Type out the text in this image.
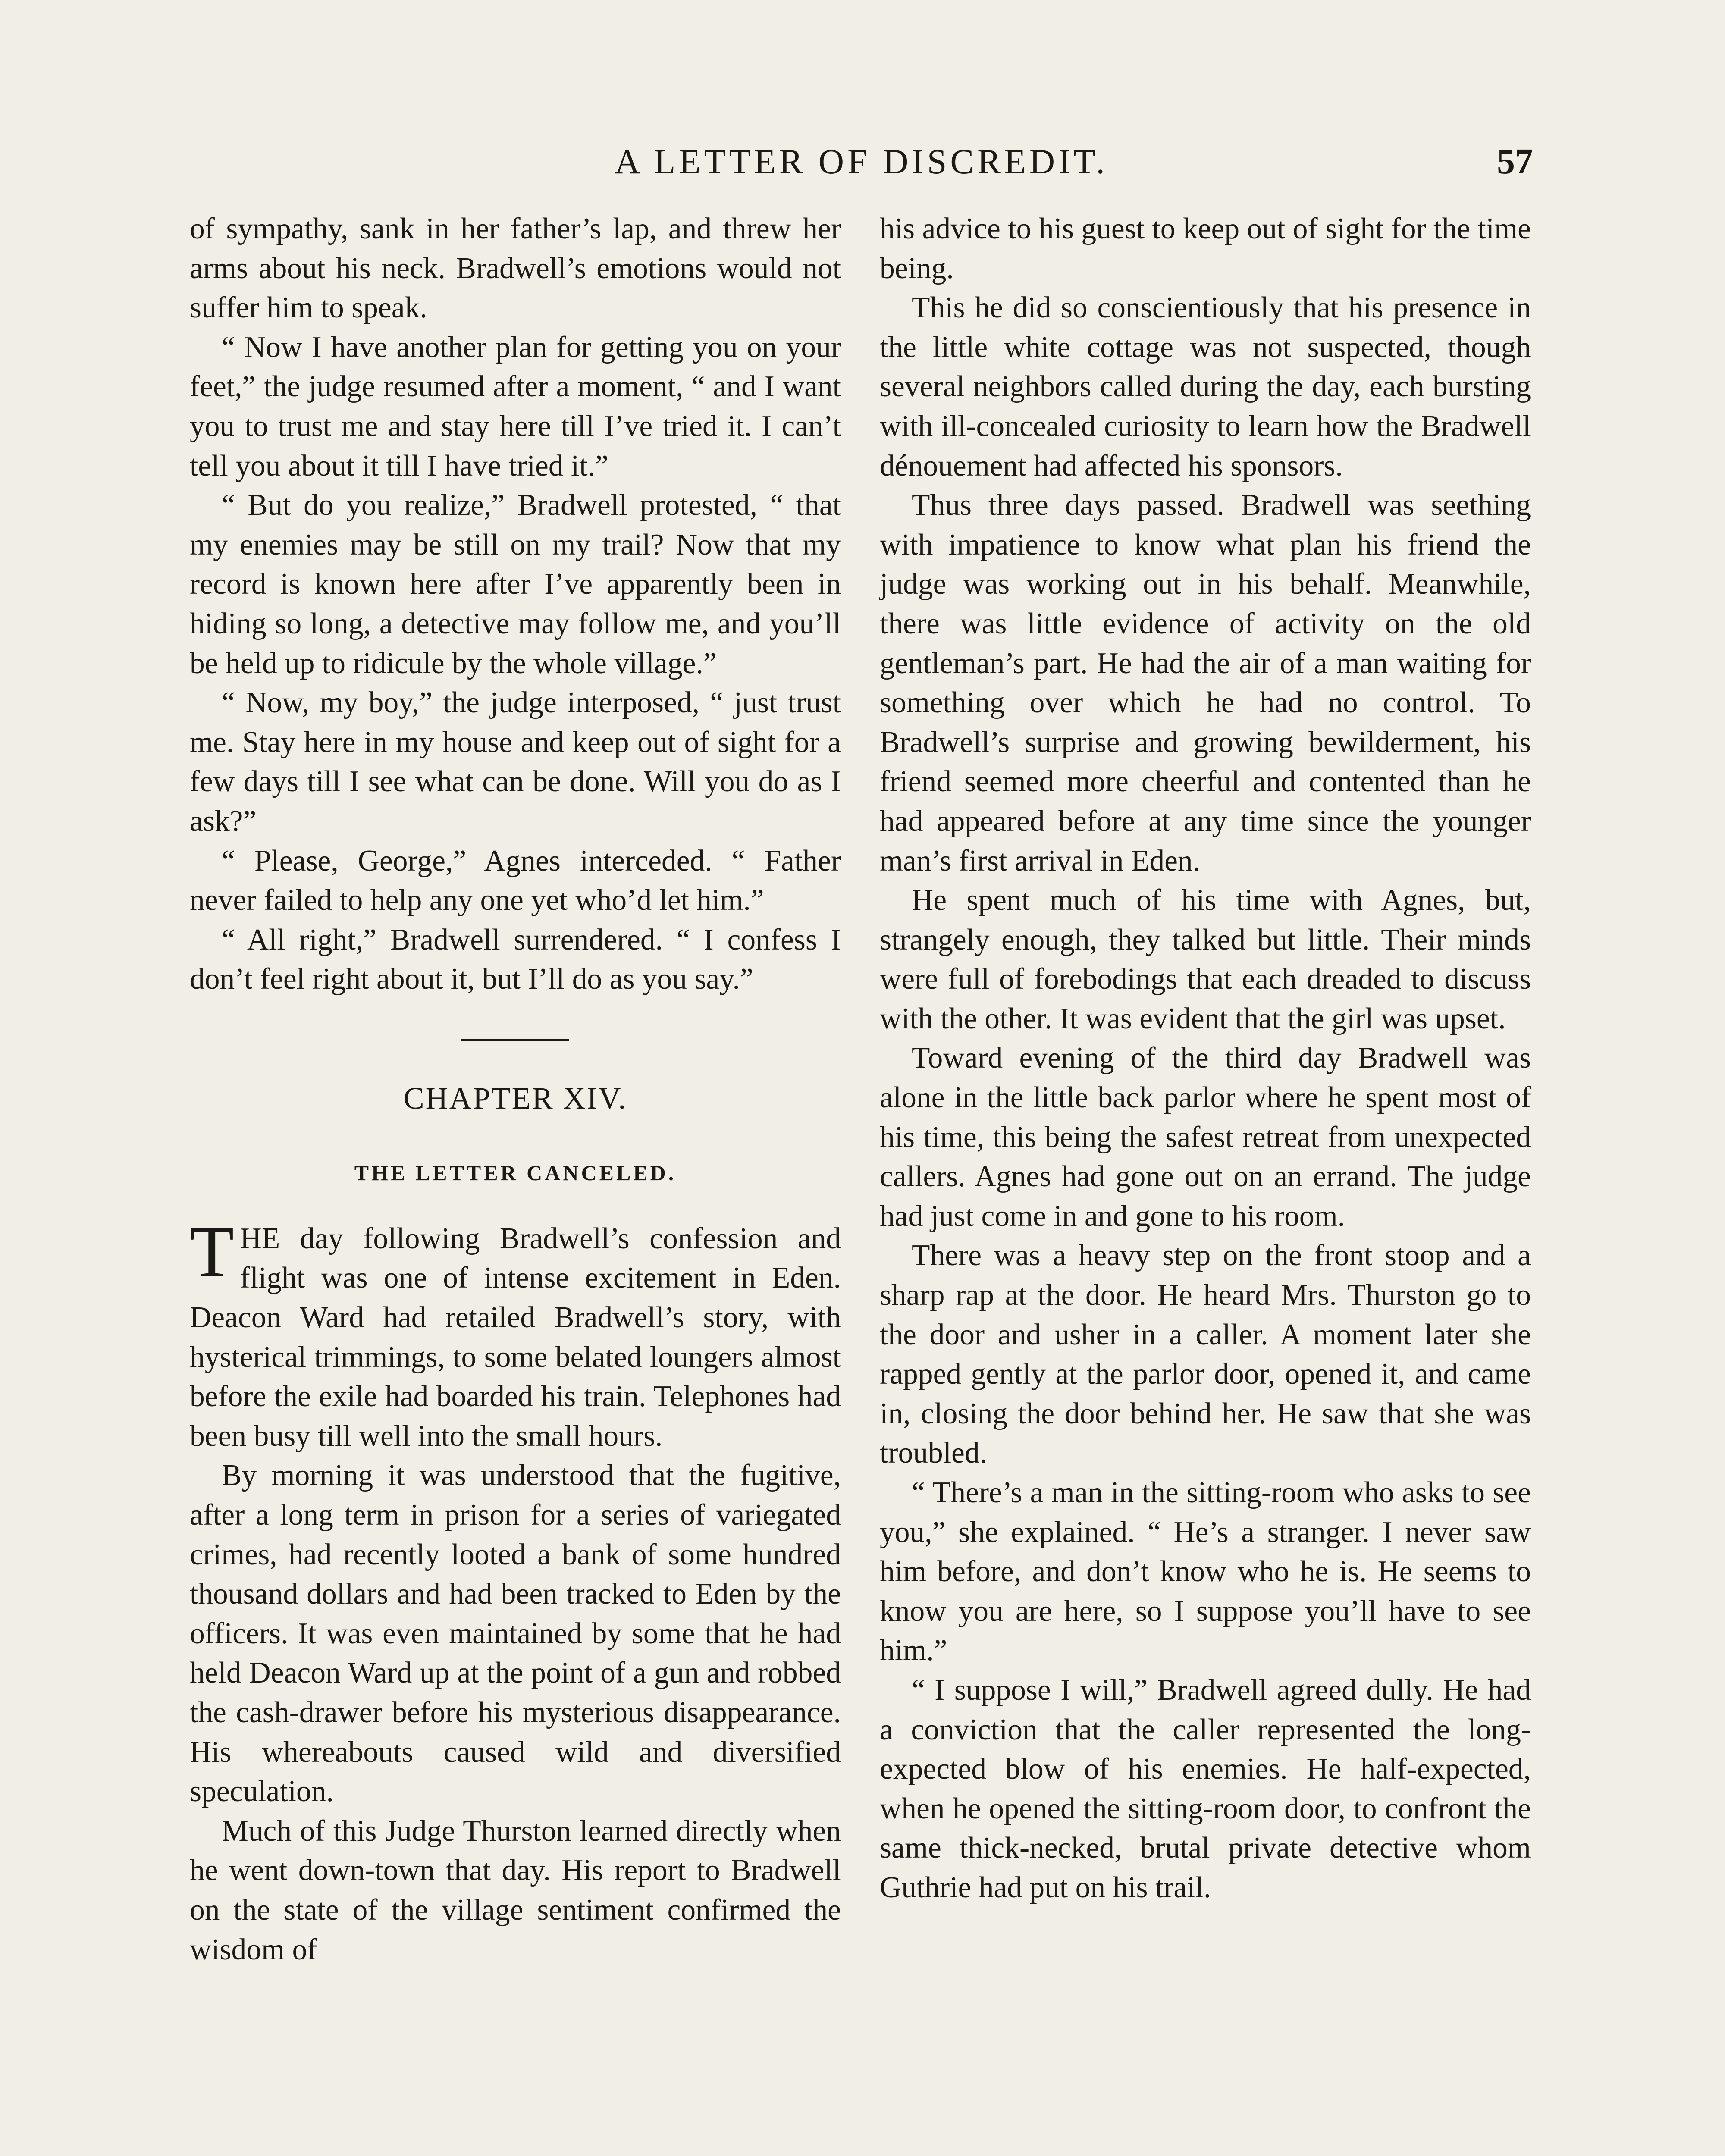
A LETTER OF DISCREDIT.	57

of sympathy, sank in her father’s lap, and threw her arms about his neck. Bradwell’s emotions would not suffer him to speak.

“ Now I have another plan for getting you on your feet,” the judge resumed after a moment, “ and I want you to trust me and stay here till I’ve tried it. I can’t tell you about it till I have tried it.”

“ But do you realize,” Bradwell protested, “ that my enemies may be still on my trail? Now that my record is known here after I’ve apparently been in hiding so long, a detective may follow me, and you’ll be held up to ridicule by the whole village.”

“ Now, my boy,” the judge interposed, “ just trust me. Stay here in my house and keep out of sight for a few days till I see what can be done. Will you do as I ask?”

“ Please, George,” Agnes interceded. “ Father never failed to help any one yet who’d let him.”

“ All right,” Bradwell surrendered. “ I confess I don’t feel right about it, but I’ll do as you say.”

CHAPTER XIV.
THE LETTER CANCELED.

THE day following Bradwell’s confession and flight was one of intense excitement in Eden. Deacon Ward had retailed Bradwell’s story, with hysterical trimmings, to some belated loungers almost before the exile had boarded his train. Telephones had been busy till well into the small hours.

By morning it was understood that the fugitive, after a long term in prison for a series of variegated crimes, had recently looted a bank of some hundred thousand dollars and had been tracked to Eden by the officers. It was even maintained by some that he had held Deacon Ward up at the point of a gun and robbed the cash-drawer before his mysterious disappearance. His whereabouts caused wild and diversified speculation.

Much of this Judge Thurston learned directly when he went down-town that day. His report to Bradwell on the state of the village sentiment confirmed the wisdom of

his advice to his guest to keep out of sight for the time being.

This he did so conscientiously that his presence in the little white cottage was not suspected, though several neighbors called during the day, each bursting with ill-concealed curiosity to learn how the Bradwell dénouement had affected his sponsors.

Thus three days passed. Bradwell was seething with impatience to know what plan his friend the judge was working out in his behalf. Meanwhile, there was little evidence of activity on the old gentleman’s part. He had the air of a man waiting for something over which he had no control. To Bradwell’s surprise and growing bewilderment, his friend seemed more cheerful and contented than he had appeared before at any time since the younger man’s first arrival in Eden.

He spent much of his time with Agnes, but, strangely enough, they talked but little. Their minds were full of forebodings that each dreaded to discuss with the other. It was evident that the girl was upset.

Toward evening of the third day Bradwell was alone in the little back parlor where he spent most of his time, this being the safest retreat from unexpected callers. Agnes had gone out on an errand. The judge had just come in and gone to his room.

There was a heavy step on the front stoop and a sharp rap at the door. He heard Mrs. Thurston go to the door and usher in a caller. A moment later she rapped gently at the parlor door, opened it, and came in, closing the door behind her. He saw that she was troubled.

“ There’s a man in the sitting-room who asks to see you,” she explained. “ He’s a stranger. I never saw him before, and don’t know who he is. He seems to know you are here, so I suppose you’ll have to see him.”

“ I suppose I will,” Bradwell agreed dully. He had a conviction that the caller represented the long-expected blow of his enemies. He half-expected, when he opened the sitting-room door, to confront the same thick-necked, brutal private detective whom Guthrie had put on his trail.
